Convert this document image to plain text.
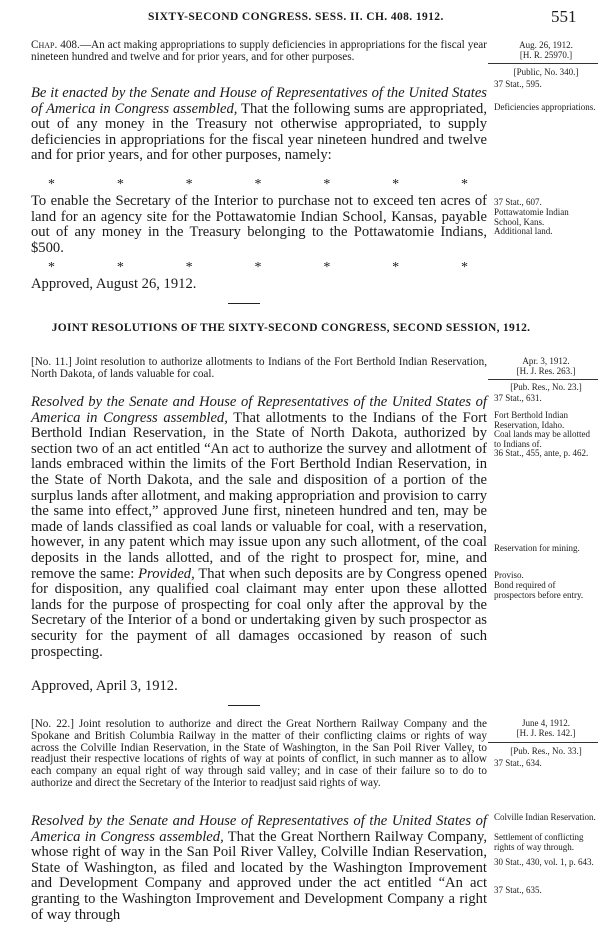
SIXTY-SECOND CONGRESS. SESS. II. CH. 408. 1912.	551
Chap. 408.—An act making appropriations to supply deficiencies in appropriations for the fiscal year nineteen hundred and twelve and for prior years, and for other purposes.
Aug. 26, 1912.
[H. R. 25970.]
[Public, No. 340.]
37 Stat., 595.
Be it enacted by the Senate and House of Representatives of the United States of America in Congress assembled, That the following sums are appropriated, out of any money in the Treasury not otherwise appropriated, to supply deficiencies in appropriations for the fiscal year nineteen hundred and twelve and for prior years, and for other purposes, namely:
Deficiencies appropriations.
*	*	*	*	*	*	*
To enable the Secretary of the Interior to purchase not to exceed ten acres of land for an agency site for the Pottawatomie Indian School, Kansas, payable out of any money in the Treasury belonging to the Pottawatomie Indians, $500.
37 Stat., 607.
Pottawatomie Indian School, Kans.
Additional land.
*	*	*	*	*	*	*
Approved, August 26, 1912.
JOINT RESOLUTIONS OF THE SIXTY-SECOND CONGRESS, SECOND SESSION, 1912.
[No. 11.] Joint resolution to authorize allotments to Indians of the Fort Berthold Indian Reservation, North Dakota, of lands valuable for coal.
Apr. 3, 1912.
[H. J. Res. 263.]
[Pub. Res., No. 23.]
37 Stat., 631.
Fort Berthold Indian Reservation, Idaho.
Coal lands may be allotted to Indians of.
36 Stat., 455, ante, p. 462.
Reservation for mining.
Proviso.
Bond required of prospectors before entry.
Resolved by the Senate and House of Representatives of the United States of America in Congress assembled, That allotments to the Indians of the Fort Berthold Indian Reservation, in the State of North Dakota, authorized by section two of an act entitled “An act to authorize the survey and allotment of lands embraced within the limits of the Fort Berthold Indian Reservation, in the State of North Dakota, and the sale and disposition of a portion of the surplus lands after allotment, and making appropriation and provision to carry the same into effect,” approved June first, nineteen hundred and ten, may be made of lands classified as coal lands or valuable for coal, with a reservation, however, in any patent which may issue upon any such allotment, of the coal deposits in the lands allotted, and of the right to prospect for, mine, and remove the same: Provided, That when such deposits are by Congress opened for disposition, any qualified coal claimant may enter upon these allotted lands for the purpose of prospecting for coal only after the approval by the Secretary of the Interior of a bond or undertaking given by such prospector as security for the payment of all damages occasioned by reason of such prospecting.
Approved, April 3, 1912.
[No. 22.] Joint resolution to authorize and direct the Great Northern Railway Company and the Spokane and British Columbia Railway in the matter of their conflicting claims or rights of way across the Colville Indian Reservation, in the State of Washington, in the San Poil River Valley, to readjust their respective locations of rights of way at points of conflict, in such manner as to allow each company an equal right of way through said valley; and in case of their failure so to do to authorize and direct the Secretary of the Interior to readjust said rights of way.
June 4, 1912.
[H. J. Res. 142.]
[Pub. Res., No. 33.]
37 Stat., 634.
Colville Indian Reservation.
Settlement of conflicting rights of way through.
30 Stat., 430, vol. 1, p. 643.
37 Stat., 635.
Resolved by the Senate and House of Representatives of the United States of America in Congress assembled, That the Great Northern Railway Company, whose right of way in the San Poil River Valley, Colville Indian Reservation, State of Washington, as filed and located by the Washington Improvement and Development Company and approved under the act entitled “An act granting to the Washington Improvement and Development Company a right of way through
